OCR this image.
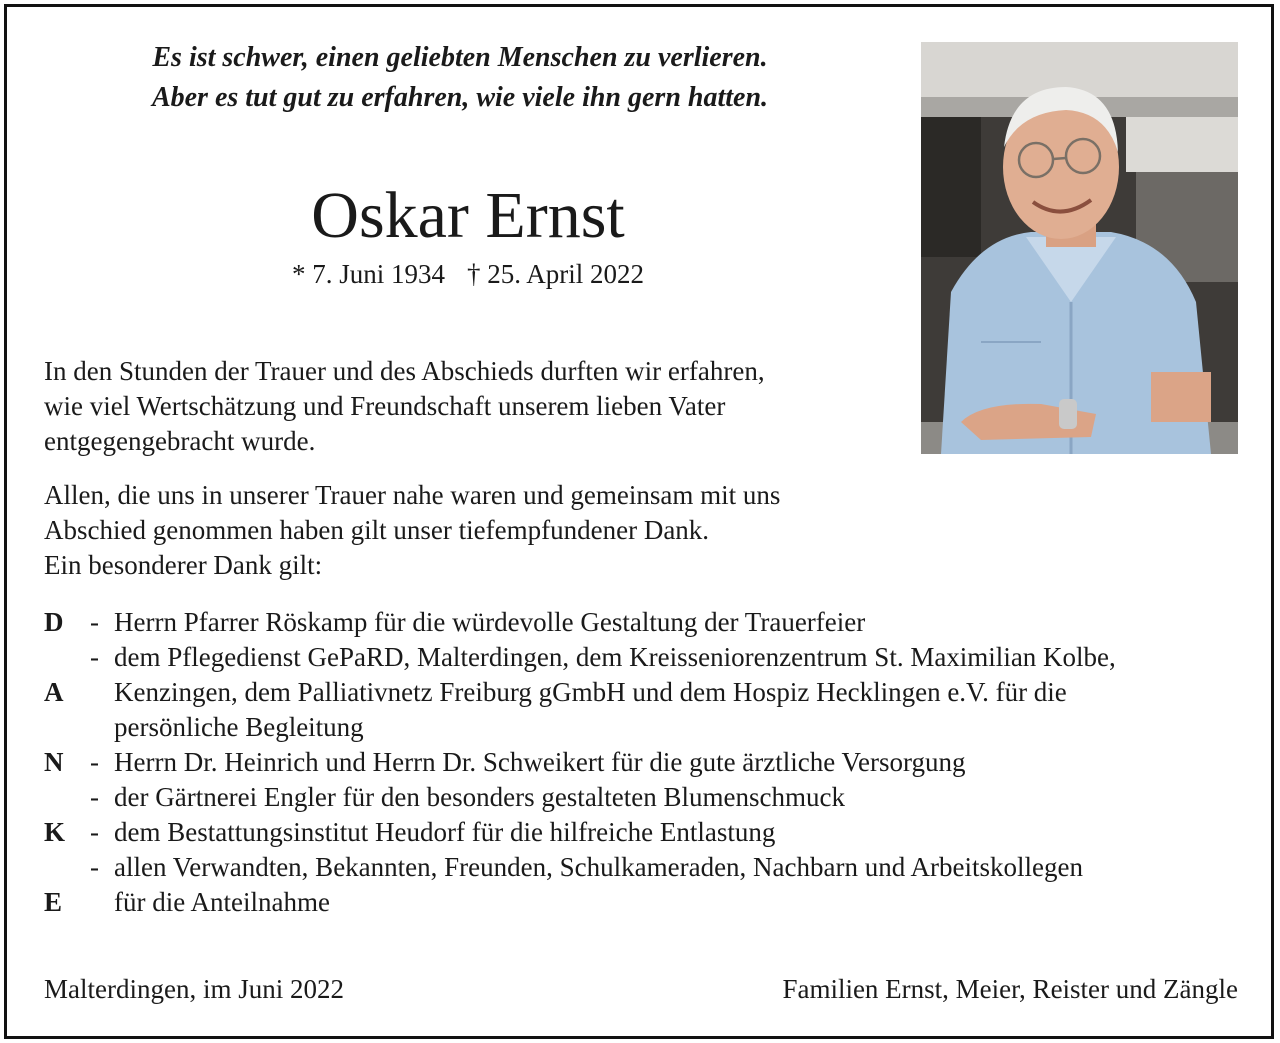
Es ist schwer, einen geliebten Menschen zu verlieren.
Aber es tut gut zu erfahren, wie viele ihn gern hatten.
Oskar Ernst
* 7. Juni 1934 † 25. April 2022
In den Stunden der Trauer und des Abschieds durften wir erfahren,
wie viel Wertschätzung und Freundschaft unserem lieben Vater
entgegengebracht wurde.
Allen, die uns in unserer Trauer nahe waren und gemeinsam mit uns
Abschied genommen haben gilt unser tiefempfundener Dank.
Ein besonderer Dank gilt:
D - Herrn Pfarrer Röskamp für die würdevolle Gestaltung der Trauerfeier
- dem Pflegedienst GePaRD, Malterdingen, dem Kreisseniorenzentrum St. Maximilian Kolbe,
A	Kenzingen, dem Palliativnetz Freiburg gGmbH und dem Hospiz Hecklingen e.V. für die
persönliche Begleitung
N - Herrn Dr. Heinrich und Herrn Dr. Schweikert für die gute ärztliche Versorgung
- der Gärtnerei Engler für den besonders gestalteten Blumenschmuck
K - dem Bestattungsinstitut Heudorf für die hilfreiche Entlastung
- allen Verwandten, Bekannten, Freunden, Schulkameraden, Nachbarn und Arbeitskollegen
E	für die Anteilnahme
Malterdingen, im Juni 2022	Familien Ernst, Meier, Reister und Zängle
